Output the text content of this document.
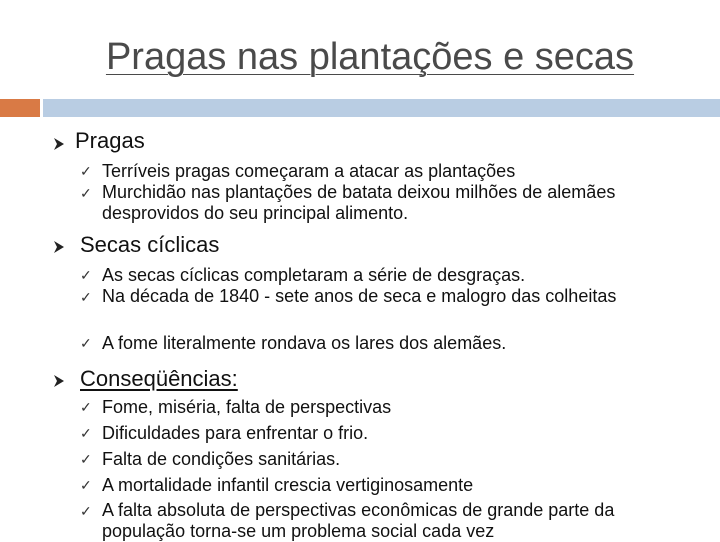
Pragas nas plantações e secas
Pragas
✓ Terríveis pragas começaram a atacar as plantações
✓ Murchidão nas plantações de batata deixou milhões de alemães desprovidos do seu principal alimento.
Secas cíclicas
✓ As secas cíclicas completaram a série de desgraças.
✓ Na década de 1840 - sete anos de seca e malogro das colheitas
✓ A fome literalmente rondava os lares dos alemães.
Conseqüências:
✓ Fome, miséria, falta de perspectivas
✓ Dificuldades para enfrentar o frio.
✓ Falta de condições sanitárias.
✓ A mortalidade infantil crescia vertiginosamente
✓ A falta absoluta de perspectivas econômicas de grande parte da população torna-se um problema social cada vez
